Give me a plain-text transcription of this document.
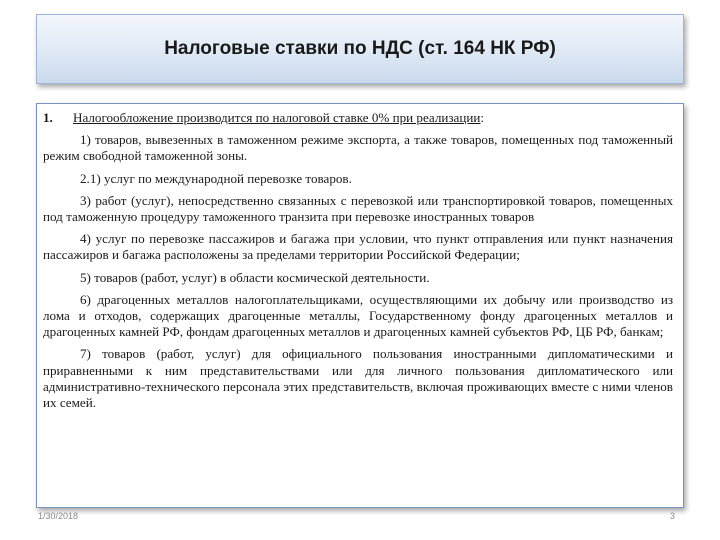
Налоговые ставки по НДС (ст. 164 НК РФ)
1.	Налогообложение производится по налоговой ставке 0% при реализации:

1) товаров, вывезенных в таможенном режиме экспорта, а также товаров, помещенных под таможенный режим свободной таможенной зоны.

2.1) услуг по международной перевозке товаров.

3) работ (услуг), непосредственно связанных с перевозкой или транспортировкой товаров, помещенных под таможенную процедуру таможенного транзита при перевозке иностранных товаров

4) услуг по перевозке пассажиров и багажа при условии, что пункт отправления или пункт назначения пассажиров и багажа расположены за пределами территории Российской Федерации;

5) товаров (работ, услуг) в области космической деятельности.

6) драгоценных металлов налогоплательщиками, осуществляющими их добычу или производство из лома и отходов, содержащих драгоценные металлы, Государственному фонду драгоценных металлов и драгоценных камней РФ, фондам драгоценных металлов и драгоценных камней субъектов РФ, ЦБ РФ, банкам;

7) товаров (работ, услуг) для официального пользования иностранными дипломатическими и приравненными к ним представительствами или для личного пользования дипломатического или административно-технического персонала этих представительств, включая проживающих вместе с ними членов их семей.

1/30/2018	3
